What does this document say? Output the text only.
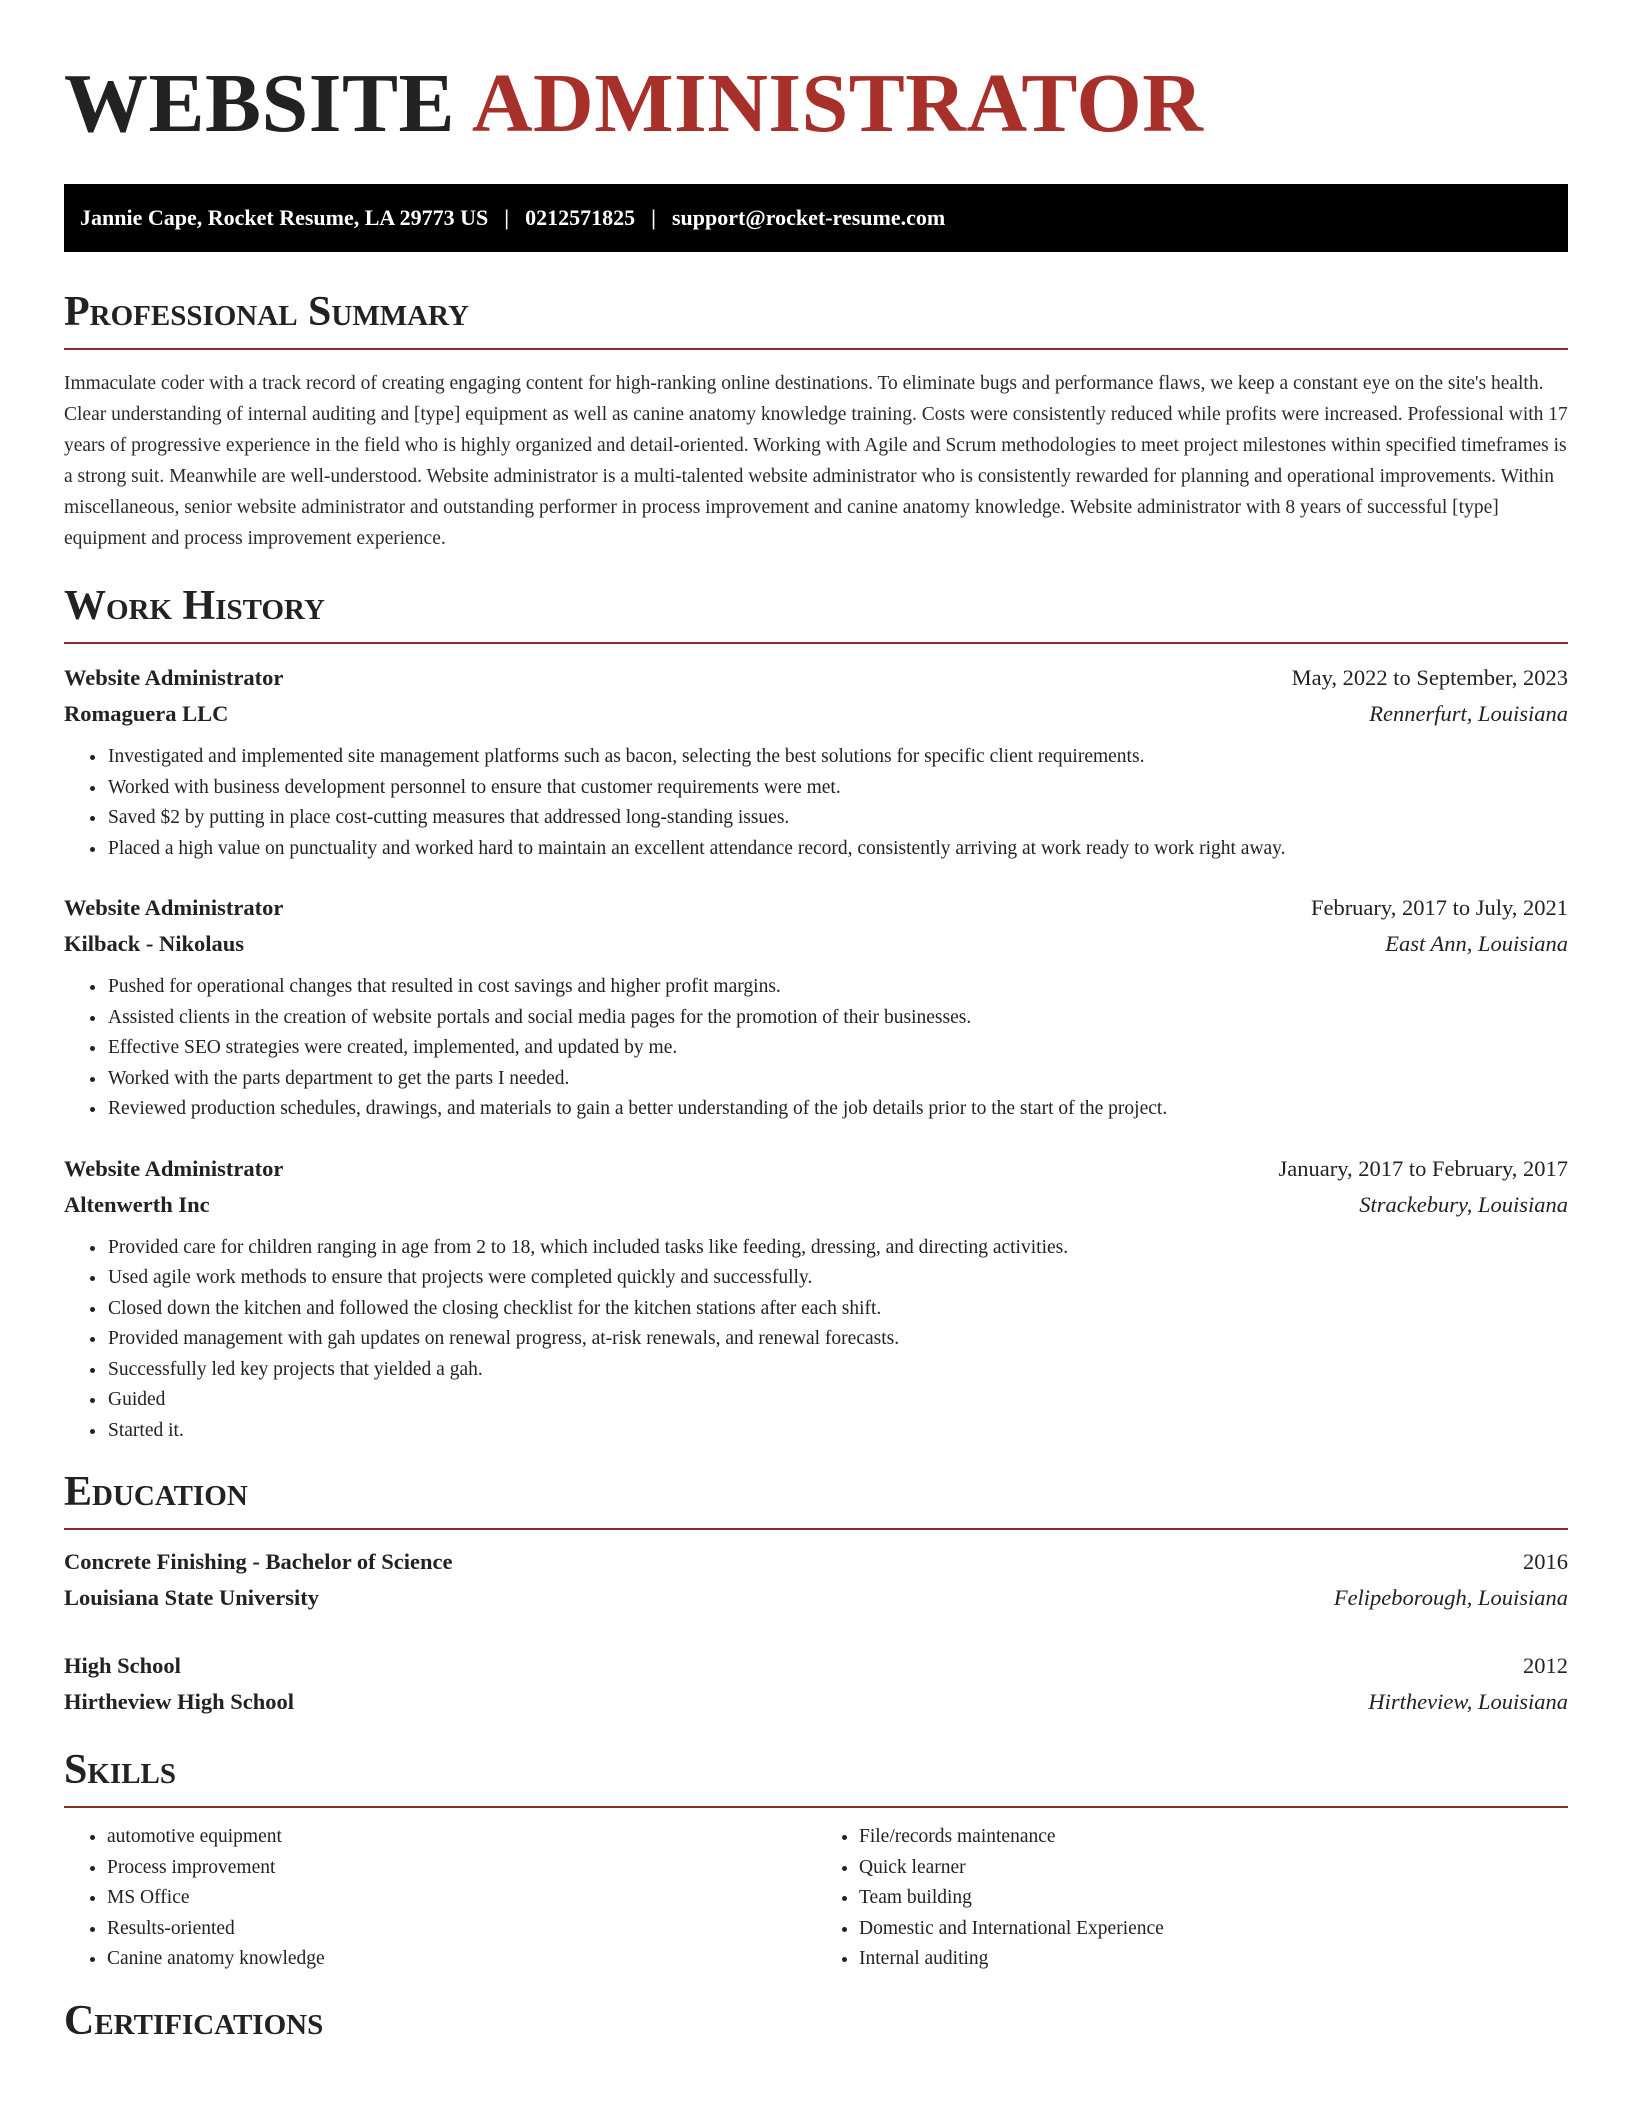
WEBSITE ADMINISTRATOR
Jannie Cape, Rocket Resume, LA 29773 US | 0212571825 | support@rocket-resume.com
Professional Summary

Immaculate coder with a track record of creating engaging content for high-ranking online destinations. To eliminate bugs and performance flaws, we keep a constant eye on the site's health. Clear understanding of internal auditing and [type] equipment as well as canine anatomy knowledge training. Costs were consistently reduced while profits were increased. Professional with 17 years of progressive experience in the field who is highly organized and detail-oriented. Working with Agile and Scrum methodologies to meet project milestones within specified timeframes is a strong suit. Meanwhile are well-understood. Website administrator is a multi-talented website administrator who is consistently rewarded for planning and operational improvements. Within miscellaneous, senior website administrator and outstanding performer in process improvement and canine anatomy knowledge. Website administrator with 8 years of successful [type] equipment and process improvement experience.

Work History
Website Administrator	May, 2022 to September, 2023
Romaguera LLC	Rennerfurt, Louisiana
• Investigated and implemented site management platforms such as bacon, selecting the best solutions for specific client requirements.
• Worked with business development personnel to ensure that customer requirements were met.
• Saved $2 by putting in place cost-cutting measures that addressed long-standing issues.
• Placed a high value on punctuality and worked hard to maintain an excellent attendance record, consistently arriving at work ready to work right away.
Website Administrator	February, 2017 to July, 2021
Kilback - Nikolaus	East Ann, Louisiana
• Pushed for operational changes that resulted in cost savings and higher profit margins.
• Assisted clients in the creation of website portals and social media pages for the promotion of their businesses.
• Effective SEO strategies were created, implemented, and updated by me.
• Worked with the parts department to get the parts I needed.
• Reviewed production schedules, drawings, and materials to gain a better understanding of the job details prior to the start of the project.
Website Administrator	January, 2017 to February, 2017
Altenwerth Inc	Strackebury, Louisiana
• Provided care for children ranging in age from 2 to 18, which included tasks like feeding, dressing, and directing activities.
• Used agile work methods to ensure that projects were completed quickly and successfully.
• Closed down the kitchen and followed the closing checklist for the kitchen stations after each shift.
• Provided management with gah updates on renewal progress, at-risk renewals, and renewal forecasts.
• Successfully led key projects that yielded a gah.
• Guided
• Started it.
Education
Concrete Finishing - Bachelor of Science	2016
Louisiana State University	Felipeborough, Louisiana
High School	2012
Hirtheview High School	Hirtheview, Louisiana
Skills
• automotive equipment
• Process improvement
• MS Office
• Results-oriented
• Canine anatomy knowledge
• File/records maintenance
• Quick learner
• Team building
• Domestic and International Experience
• Internal auditing
Certifications
